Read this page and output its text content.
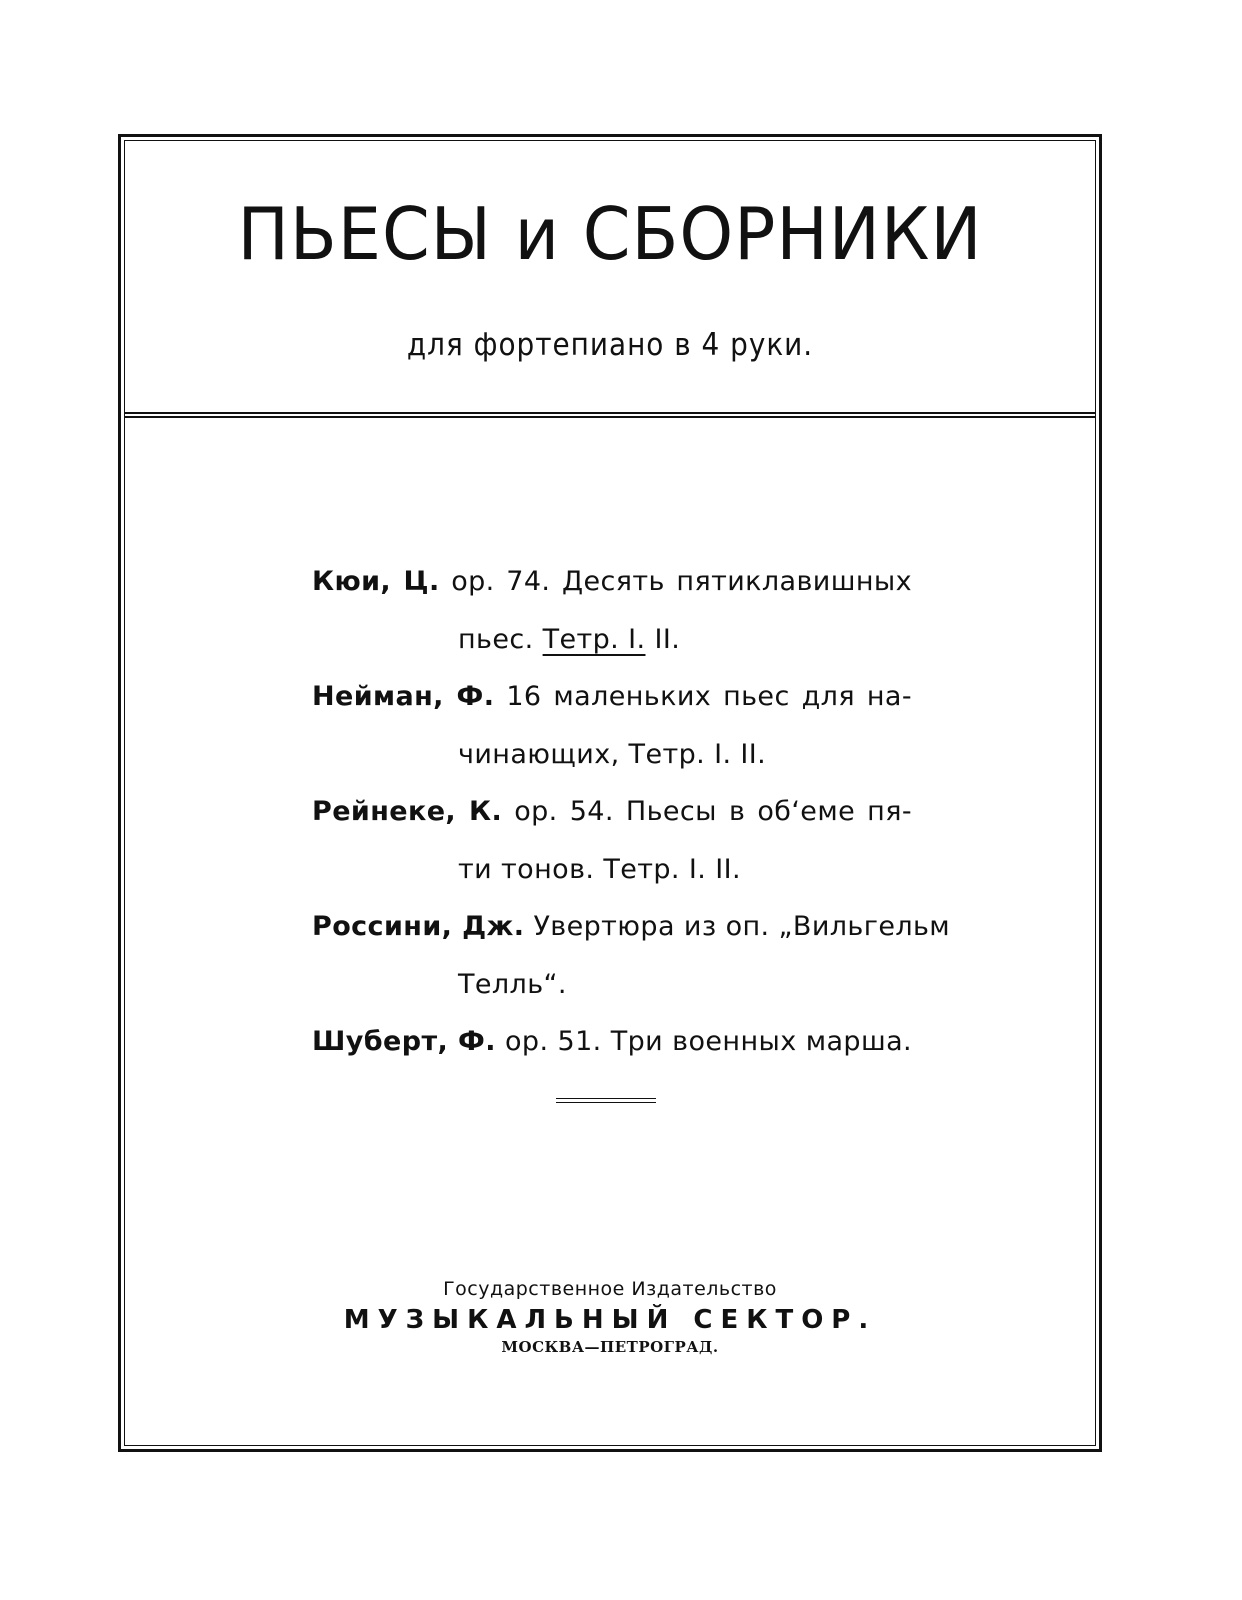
ПЬЕСЫ и СБОРНИКИ
для фортепиано в 4 руки.
Кюи, Ц. ор. 74. Десять пятиклавишных
пьес. Тетр. I. II.
Нейман, Ф. 16 маленьких пьес для на-
чинающих, Тетр. I. II.
Рейнеке, К. ор. 54. Пьесы в об‘еме пя-
ти тонов. Тетр. I. II.
Россини, Дж. Увертюра из оп. „Вильгельм
Телль“.
Шуберт, Ф. ор. 51. Три военных марша.
Государственное Издательство
МУЗЫКАЛЬНЫЙ СЕКТОР.
МОСКВА—ПЕТРОГРАД.
